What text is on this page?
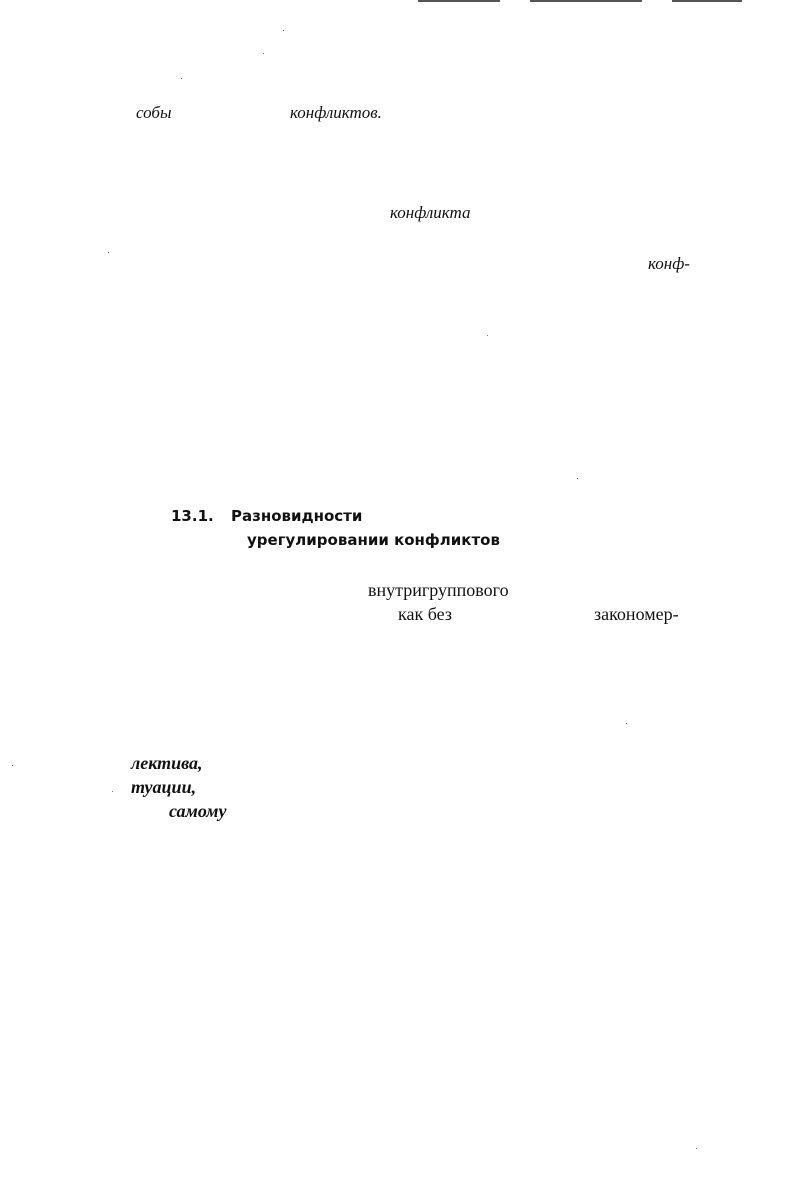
собы	конфликтов.
конфликта
конф-
13.1. Разновидности
урегулировании конфликтов
внутригруппового
как без	закономер-
лектива,
туации,
самому
